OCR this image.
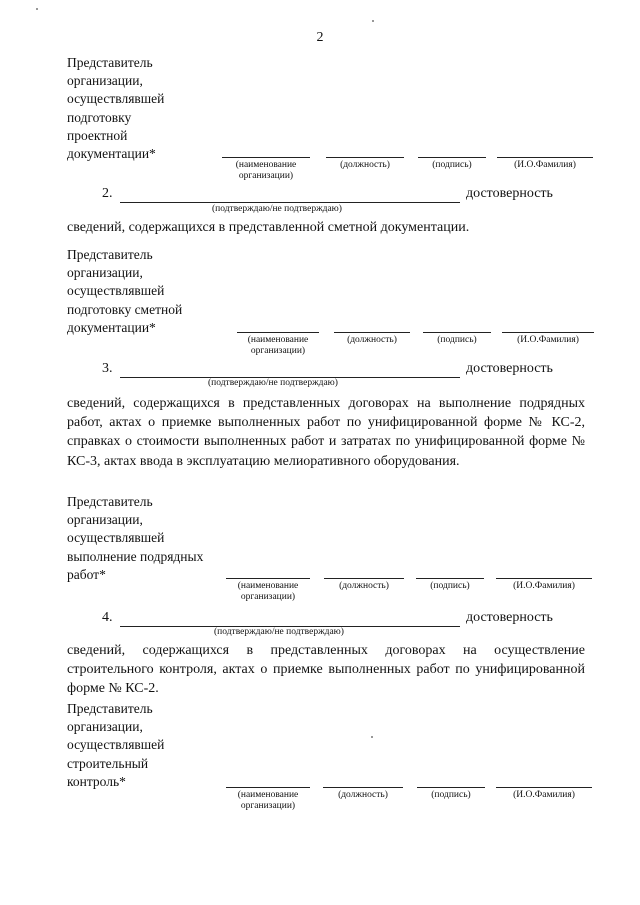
2
Представитель
организации,
осуществлявшей
подготовку
проектной
документации*
(наименование организации)
(должность)	(подпись)	(И.О.Фамилия)
2.	достоверность
(подтверждаю/не подтверждаю)
сведений, содержащихся в представленной сметной документации.
Представитель
организации,
осуществлявшей
подготовку сметной
документации*
(наименование организации)
(должность)	(подпись)	(И.О.Фамилия)
3.	достоверность
(подтверждаю/не подтверждаю)
сведений, содержащихся в представленных договорах на выполнение подрядных работ, актах о приемке выполненных работ по унифицированной форме № КС-2, справках о стоимости выполненных работ и затратах по унифицированной форме № КС-3, актах ввода в эксплуатацию мелиоративного оборудования.
Представитель
организации,
осуществлявшей
выполнение подрядных
работ*
(наименование организации)
(должность)	(подпись)	(И.О.Фамилия)
4.	достоверность
(подтверждаю/не подтверждаю)
сведений, содержащихся в представленных договорах на осуществление строительного контроля, актах о приемке выполненных работ по унифицированной форме № КС-2.
Представитель
организации,
осуществлявшей
строительный
контроль*
(наименование организации)
(должность)	(подпись)	(И.О.Фамилия)
